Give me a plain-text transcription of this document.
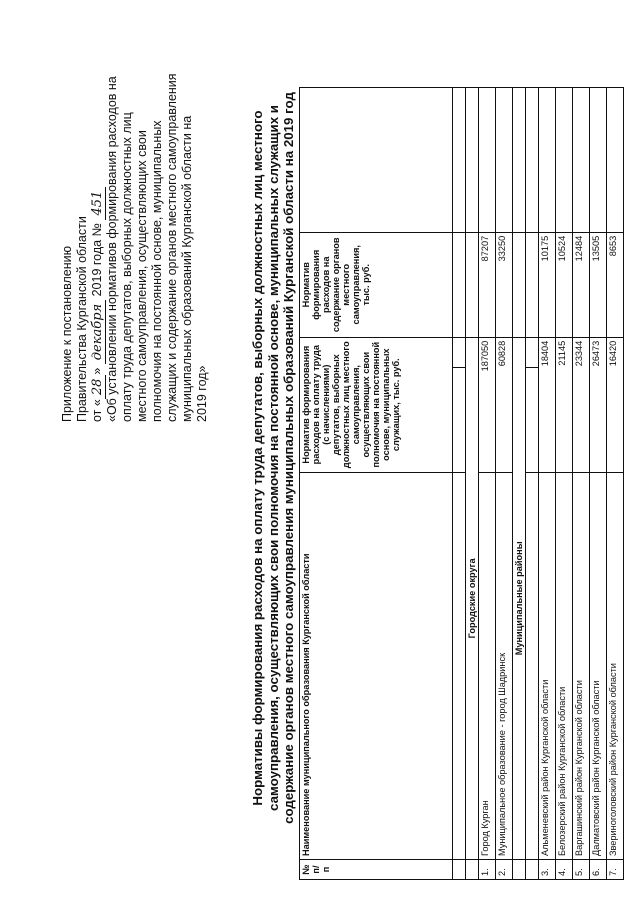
Приложение к постановлению Правительства Курганской области от «28» декабря 2019 года № 451 «Об установлении нормативов формирования расходов на оплату труда депутатов, выборных должностных лиц местного самоуправления, осуществляющих свои полномочия на постоянной основе, муниципальных служащих и содержание органов местного самоуправления муниципальных образований Курганской области на 2019 год»	Нормативы формирования расходов на оплату труда депутатов, выборных должностных лиц местного самоуправления, осуществляющих свои полномочия на постоянной основе, муниципальных служащих и содержание органов местного самоуправления муниципальных образований Курганской области на 2019 год
№ п/п	Наименование муниципального образования Курганской области	Норматив формирования расходов на оплату труда (с начислениями) депутатов, выборных должностных лиц местного самоуправления, осуществляющих свои полномочия на постоянной основе, муниципальных служащих, тыс. руб.		Норматив формирования расходов на содержание органов местного самоуправления, тыс. руб.	

	Городские округа				
1.	Город Курган	187050		87207	
2.	Муниципальное образование - город Шадринск	60828		33250	
	Муниципальные районы				

3.	Альменевский район Курганской области	18404		10175	
4.	Белозерский район Курганской области	21145		10524	
5.	Варгашинский район Курганской области	23344		12484	
6.	Далматовский район Курганской области	26473		13505	
7.	Звериноголовский район Курганской области	16420		8653	
